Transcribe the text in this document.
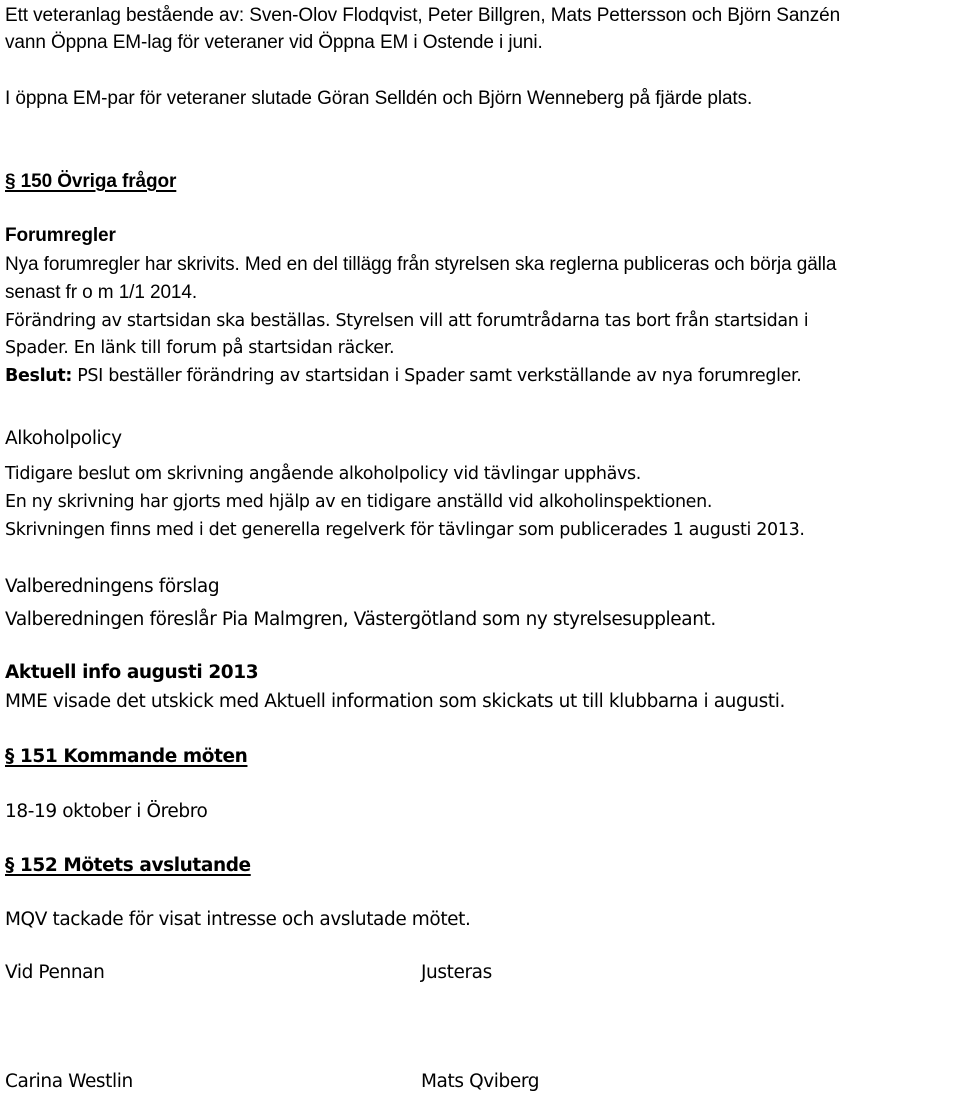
Ett veteranlag bestående av: Sven-Olov Flodqvist, Peter Billgren, Mats Pettersson och Björn Sanzén
vann Öppna EM-lag för veteraner vid Öppna EM i Ostende i juni.
I öppna EM-par för veteraner slutade Göran Selldén och Björn Wenneberg på fjärde plats.
§ 150 Övriga frågor
Forumregler
Nya forumregler har skrivits. Med en del tillägg från styrelsen ska reglerna publiceras och börja gälla
senast fr o m 1/1 2014.
Förändring av startsidan ska beställas. Styrelsen vill att forumtrådarna tas bort från startsidan i
Spader. En länk till forum på startsidan räcker.
Beslut: PSI beställer förändring av startsidan i Spader samt verkställande av nya forumregler.
Alkoholpolicy
Tidigare beslut om skrivning angående alkoholpolicy vid tävlingar upphävs.
En ny skrivning har gjorts med hjälp av en tidigare anställd vid alkoholinspektionen.
Skrivningen finns med i det generella regelverk för tävlingar som publicerades 1 augusti 2013.
Valberedningens förslag
Valberedningen föreslår Pia Malmgren, Västergötland som ny styrelsesuppleant.
Aktuell info augusti 2013
MME visade det utskick med Aktuell information som skickats ut till klubbarna i augusti.
§ 151 Kommande möten
18-19 oktober i Örebro
§ 152 Mötets avslutande
MQV tackade för visat intresse och avslutade mötet.
Vid Pennan	Justeras
Carina Westlin	Mats Qviberg
